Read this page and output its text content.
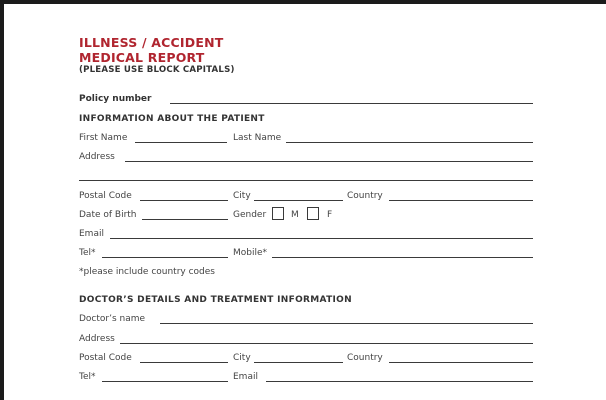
ILLNESS / ACCIDENT
MEDICAL REPORT
(PLEASE USE BLOCK CAPITALS)
Policy number
INFORMATION ABOUT THE PATIENT
First Name	Last Name
Address
Postal Code	City	Country
Date of Birth	Gender	M	F
Email
Tel*	Mobile*
*please include country codes
DOCTOR’S DETAILS AND TREATMENT INFORMATION
Doctor’s name
Address
Postal Code	City	Country
Tel*	Email
